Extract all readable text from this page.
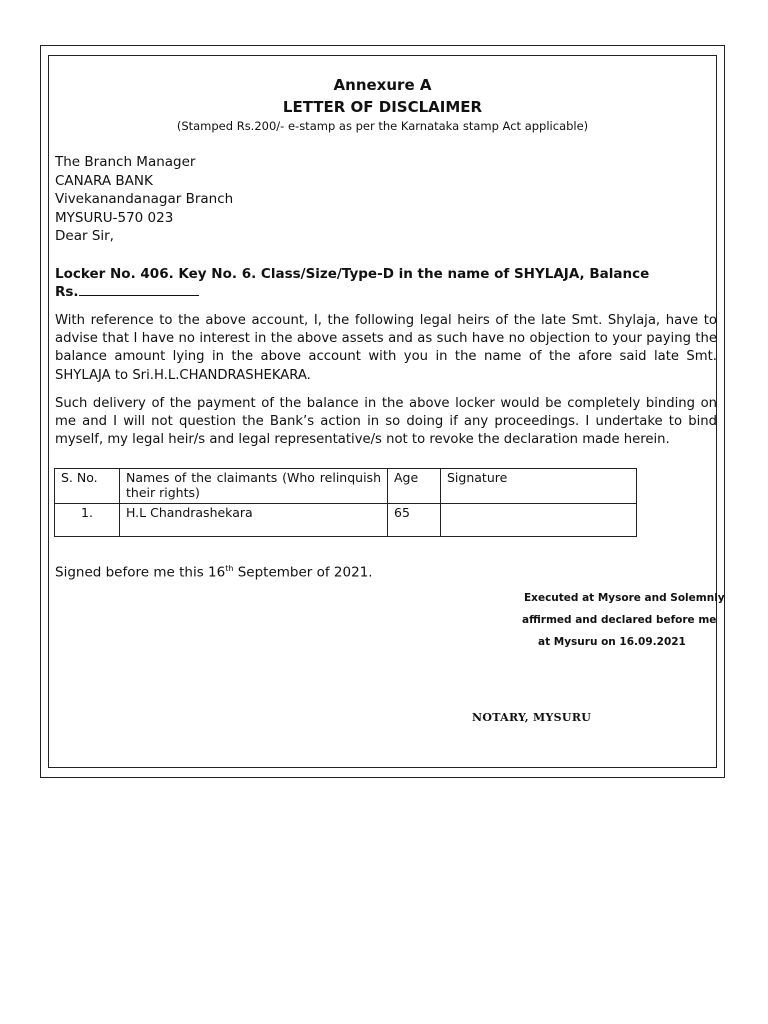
Annexure A
LETTER OF DISCLAIMER
(Stamped Rs.200/- e-stamp as per the Karnataka stamp Act applicable)
The Branch Manager
CANARA BANK
Vivekanandanagar Branch
MYSURU-570 023
Dear Sir,
Locker No. 406. Key No. 6. Class/Size/Type-D in the name of SHYLAJA, Balance
Rs.
With reference to the above account, I, the following legal heirs of the late Smt. Shylaja, have to advise that I have no interest in the above assets and as such have no objection to your paying the balance amount lying in the above account with you in the name of the afore said late Smt. SHYLAJA to Sri.H.L.CHANDRASHEKARA.
Such delivery of the payment of the balance in the above locker would be completely binding on me and I will not question the Bank’s action in so doing if any proceedings. I undertake to bind myself, my legal heir/s and legal representative/s not to revoke the declaration made herein.
S. No.	Names of the claimants (Who relinquish their rights)	Age	Signature
1.	H.L Chandrashekara	65	
Signed before me this 16th September of 2021.
Executed at Mysore and Solemnly
affirmed and declared before me
at Mysuru on 16.09.2021
NOTARY, MYSURU
